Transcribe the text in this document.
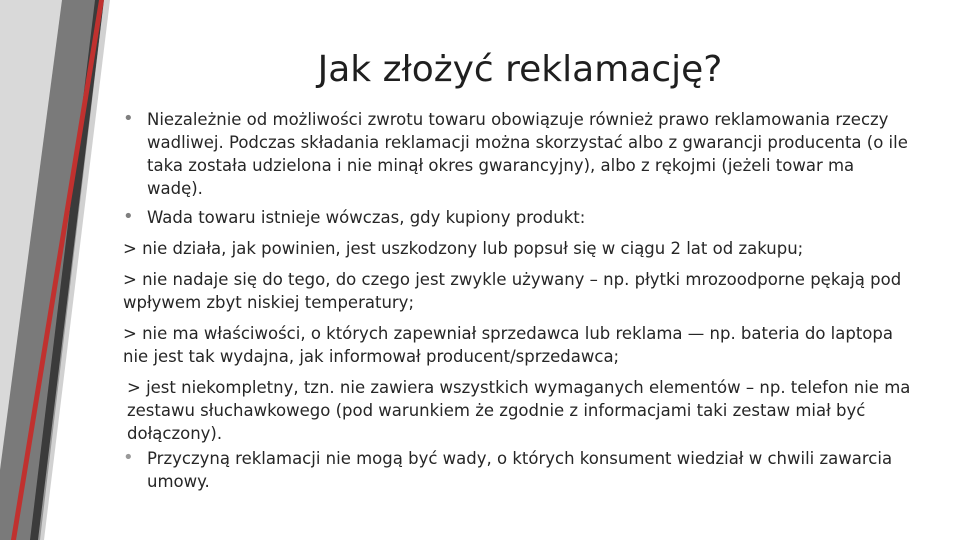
Jak złożyć reklamację?
• Niezależnie od możliwości zwrotu towaru obowiązuje również prawo reklamowania rzeczy wadliwej. Podczas składania reklamacji można skorzystać albo z gwarancji producenta (o ile taka została udzielona i nie minął okres gwarancyjny), albo z rękojmi (jeżeli towar ma wadę).
• Wada towaru istnieje wówczas, gdy kupiony produkt:
> nie działa, jak powinien, jest uszkodzony lub popsuł się w ciągu 2 lat od zakupu;
> nie nadaje się do tego, do czego jest zwykle używany – np. płytki mrozoodporne pękają pod wpływem zbyt niskiej temperatury;
> nie ma właściwości, o których zapewniał sprzedawca lub reklama — np. bateria do laptopa nie jest tak wydajna, jak informował producent/sprzedawca;
> jest niekompletny, tzn. nie zawiera wszystkich wymaganych elementów – np. telefon nie ma zestawu słuchawkowego (pod warunkiem że zgodnie z informacjami taki zestaw miał być dołączony).
• Przyczyną reklamacji nie mogą być wady, o których konsument wiedział w chwili zawarcia umowy.
